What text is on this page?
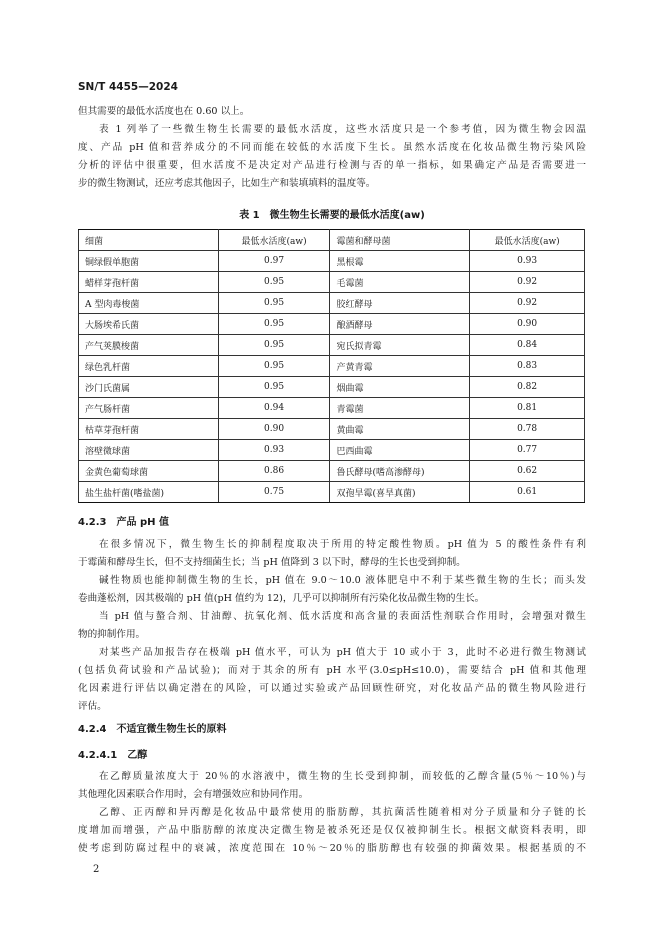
SN/T 4455—2024
但其需要的最低水活度也在 0.60 以上。
表 1 列举了一些微生物生长需要的最低水活度，这些水活度只是一个参考值，因为微生物会因温
度、产品 pH 值和营养成分的不同而能在较低的水活度下生长。虽然水活度在化妆品微生物污染风险
分析的评估中很重要，但水活度不是决定对产品进行检测与否的单一指标，如果确定产品是否需要进一
步的微生物测试，还应考虑其他因子，比如生产和装填填料的温度等。
表 1　微生物生长需要的最低水活度(aw)
细菌	最低水活度(aw)	霉菌和酵母菌	最低水活度(aw)
铜绿假单胞菌	0.97	黑根霉	0.93
蜡样芽孢杆菌	0.95	毛霉菌	0.92
A 型肉毒梭菌	0.95	胶红酵母	0.92
大肠埃希氏菌	0.95	酿酒酵母	0.90
产气荚膜梭菌	0.95	宛氏拟青霉	0.84
绿色乳杆菌	0.95	产黄青霉	0.83
沙门氏菌属	0.95	烟曲霉	0.82
产气肠杆菌	0.94	青霉菌	0.81
枯草芽孢杆菌	0.90	黄曲霉	0.78
溶壁微球菌	0.93	巴西曲霉	0.77
金黄色葡萄球菌	0.86	鲁氏酵母(嗜高渗酵母)	0.62
盐生盐杆菌(嗜盐菌)	0.75	双孢旱霉(喜旱真菌)	0.61
4.2.3 产品 pH 值
在很多情况下，微生物生长的抑制程度取决于所用的特定酸性物质。pH 值为 5 的酸性条件有利
于霉菌和酵母生长，但不支持细菌生长；当 pH 值降到 3 以下时，酵母的生长也受到抑制。
碱性物质也能抑制微生物的生长，pH 值在 9.0～10.0 液体肥皂中不利于某些微生物的生长；而头发
卷曲蓬松剂，因其极端的 pH 值(pH 值约为 12)，几乎可以抑制所有污染化妆品微生物的生长。
当 pH 值与螯合剂、甘油醇、抗氧化剂、低水活度和高含量的表面活性剂联合作用时，会增强对微生
物的抑制作用。
对某些产品加报告存在极端 pH 值水平，可认为 pH 值大于 10 或小于 3，此时不必进行微生物测试
(包括负荷试验和产品试验)；而对于其余的所有 pH 水平(3.0≤pH≤10.0)，需要结合 pH 值和其他理
化因素进行评估以确定潜在的风险，可以通过实验或产品回顾性研究，对化妆品产品的微生物风险进行
评估。
4.2.4 不适宜微生物生长的原料
4.2.4.1 乙醇
在乙醇质量浓度大于 20％的水溶液中，微生物的生长受到抑制，而较低的乙醇含量(5％～10％)与
其他理化因素联合作用时，会有增强效应和协同作用。
乙醇、正丙醇和异丙醇是化妆品中最常使用的脂肪醇，其抗菌活性随着相对分子质量和分子链的长
度增加而增强，产品中脂肪醇的浓度决定微生物是被杀死还是仅仅被抑制生长。根据文献资料表明，即
使考虑到防腐过程中的衰减，浓度范围在 10％～20％的脂肪醇也有较强的抑菌效果。根据基质的不
2
